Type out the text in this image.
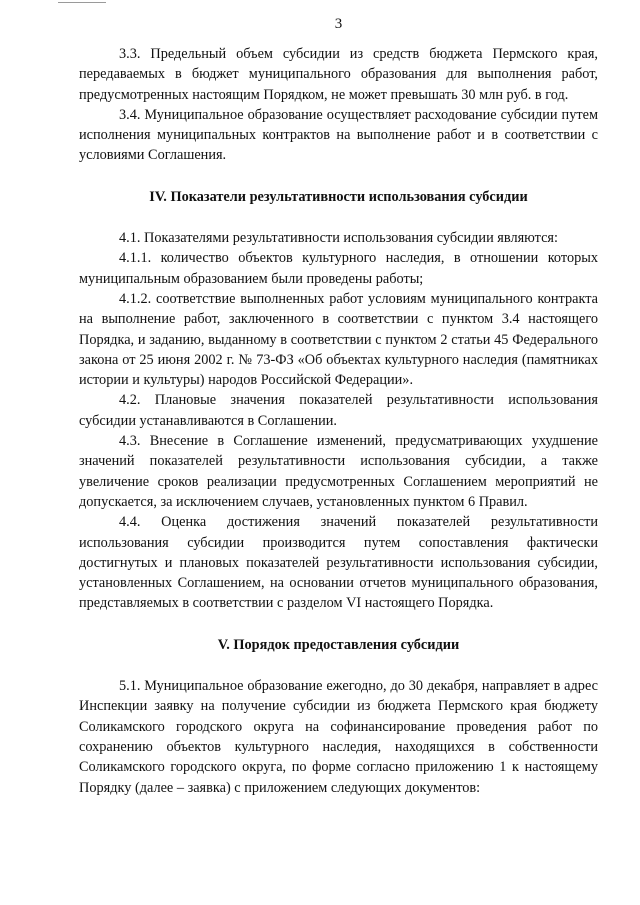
3

3.3. Предельный объем субсидии из средств бюджета Пермского края, передаваемых в бюджет муниципального образования для выполнения работ, предусмотренных настоящим Порядком, не может превышать 30 млн руб. в год.

3.4. Муниципальное образование осуществляет расходование субсидии путем исполнения муниципальных контрактов на выполнение работ и в соответствии с условиями Соглашения.

IV. Показатели результативности использования субсидии

4.1. Показателями результативности использования субсидии являются:

4.1.1. количество объектов культурного наследия, в отношении которых муниципальным образованием были проведены работы;

4.1.2. соответствие выполненных работ условиям муниципального контракта на выполнение работ, заключенного в соответствии с пунктом 3.4 настоящего Порядка, и заданию, выданному в соответствии с пунктом 2 статьи 45 Федерального закона от 25 июня 2002 г. № 73-ФЗ «Об объектах культурного наследия (памятниках истории и культуры) народов Российской Федерации».

4.2. Плановые значения показателей результативности использования субсидии устанавливаются в Соглашении.

4.3. Внесение в Соглашение изменений, предусматривающих ухудшение значений показателей результативности использования субсидии, а также увеличение сроков реализации предусмотренных Соглашением мероприятий не допускается, за исключением случаев, установленных пунктом 6 Правил.

4.4. Оценка достижения значений показателей результативности использования субсидии производится путем сопоставления фактически достигнутых и плановых показателей результативности использования субсидии, установленных Соглашением, на основании отчетов муниципального образования, представляемых в соответствии с разделом VI настоящего Порядка.

V. Порядок предоставления субсидии

5.1. Муниципальное образование ежегодно, до 30 декабря, направляет в адрес Инспекции заявку на получение субсидии из бюджета Пермского края бюджету Соликамского городского округа на софинансирование проведения работ по сохранению объектов культурного наследия, находящихся в собственности Соликамского городского округа, по форме согласно приложению 1 к настоящему Порядку (далее – заявка) с приложением следующих документов:
